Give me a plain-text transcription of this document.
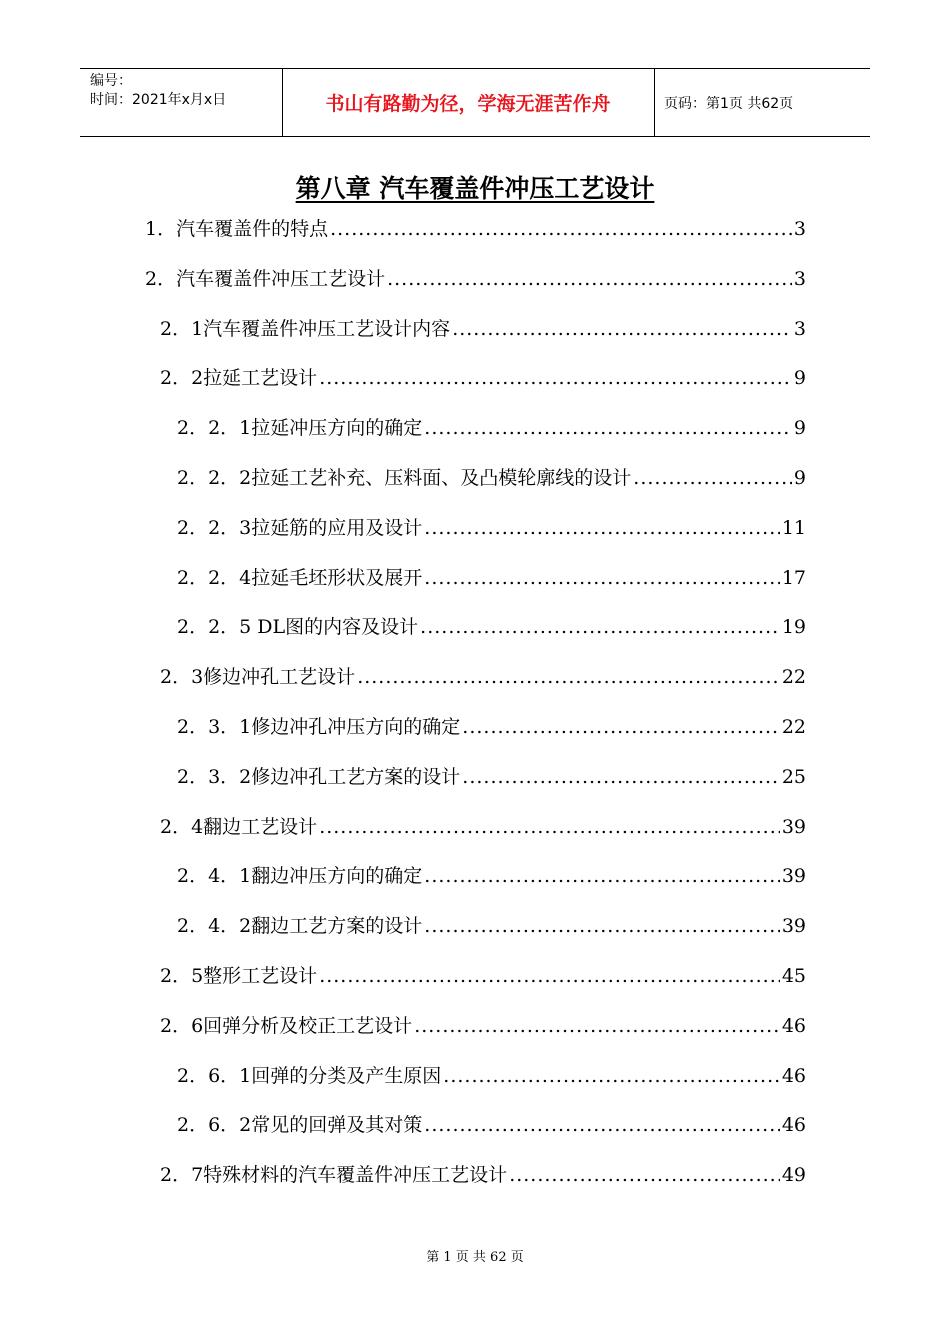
编号：
时间：2021年x月x日	书山有路勤为径，学海无涯苦作舟	页码：第1页 共62页
第八章 汽车覆盖件冲压工艺设计
1．汽车覆盖件的特点 .....	3
2．汽车覆盖件冲压工艺设计 .....	3
2．1汽车覆盖件冲压工艺设计内容 .....	3
2．2拉延工艺设计 .....	9
2．2．1拉延冲压方向的确定 .....	9
2．2．2拉延工艺补充、压料面、及凸模轮廓线的设计 .....	9
2．2．3拉延筋的应用及设计 .....	11
2．2．4拉延毛坯形状及展开 .....	17
2．2．5 DL图的内容及设计 .....	19
2．3修边冲孔工艺设计 .....	22
2．3．1修边冲孔冲压方向的确定 .....	22
2．3．2修边冲孔工艺方案的设计 .....	25
2．4翻边工艺设计 .....	39
2．4．1翻边冲压方向的确定 .....	39
2．4．2翻边工艺方案的设计 .....	39
2．5整形工艺设计 .....	45
2．6回弹分析及校正工艺设计 .....	46
2．6．1回弹的分类及产生原因 .....	46
2．6．2常见的回弹及其对策 .....	46
2．7特殊材料的汽车覆盖件冲压工艺设计 .....	49
第 1 页 共 62 页
